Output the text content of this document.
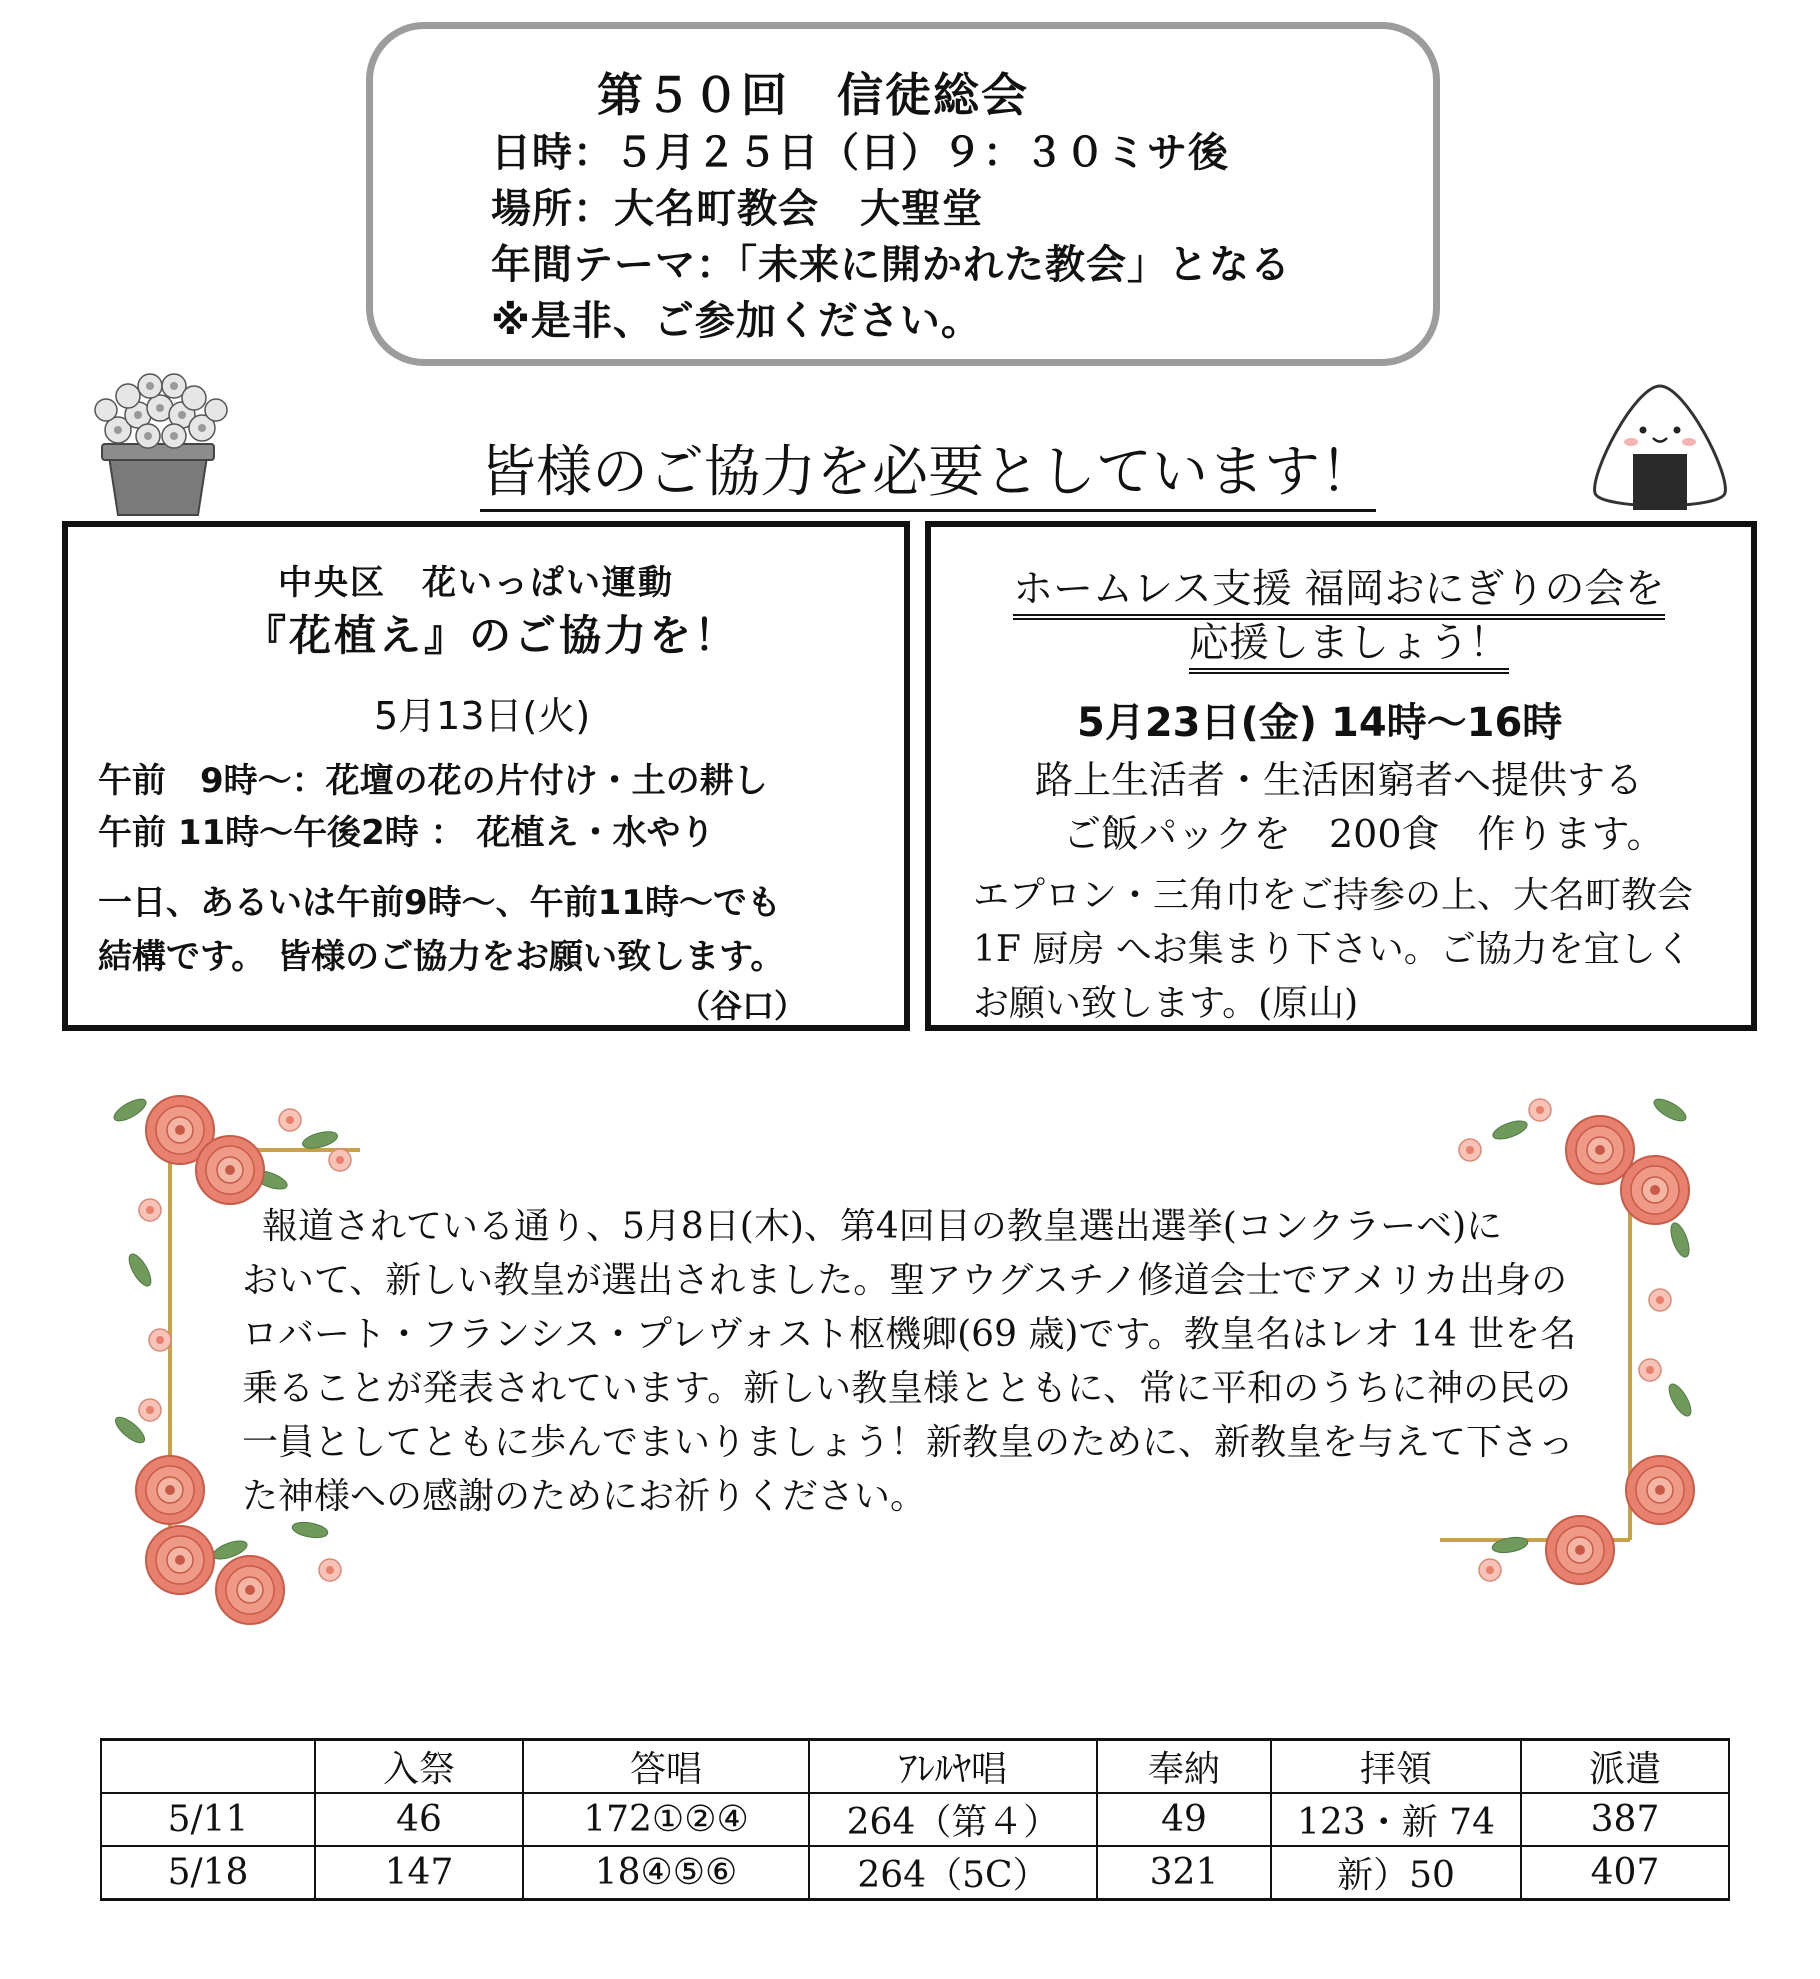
第５０回　信徒総会
日時：５月２５日（日）９：３０ミサ後
場所：大名町教会　大聖堂
年間テーマ：「未来に開かれた教会」となる
※是非、ご参加ください。
皆様のご協力を必要としています！
中央区　花いっぱい運動
『花植え』のご協力を！
5月13日(火)
午前　9時～：花壇の花の片付け・土の耕し
午前 11時～午後2時 ： 花植え・水やり
一日、あるいは午前9時～、午前11時～でも
結構です。 皆様のご協力をお願い致します。
（谷口）
ホームレス支援 福岡おにぎりの会を
応援しましょう！
5月23日(金) 14時～16時
路上生活者・生活困窮者へ提供する
ご飯パックを　200食　作ります。
エプロン・三角巾をご持参の上、大名町教会
1F 厨房 へお集まり下さい。ご協力を宜しく
お願い致します。(原山)
報道されている通り、5月8日(木)、第4回目の教皇選出選挙(コンクラーベ)に
おいて、新しい教皇が選出されました。聖アウグスチノ修道会士でアメリカ出身の
ロバート・フランシス・プレヴォスト枢機卿(69 歳)です。教皇名はレオ 14 世を名
乗ることが発表されています。新しい教皇様とともに、常に平和のうちに神の民の
一員としてともに歩んでまいりましょう！新教皇のために、新教皇を与えて下さっ
た神様への感謝のためにお祈りください。
	入祭	答唱	ｱﾚﾙﾔ唱	奉納	拝領	派遣
5/11	46	172①②④	264（第４）	49	123・新 74	387
5/18	147	18④⑤⑥	264（5C）	321	新）50	407
